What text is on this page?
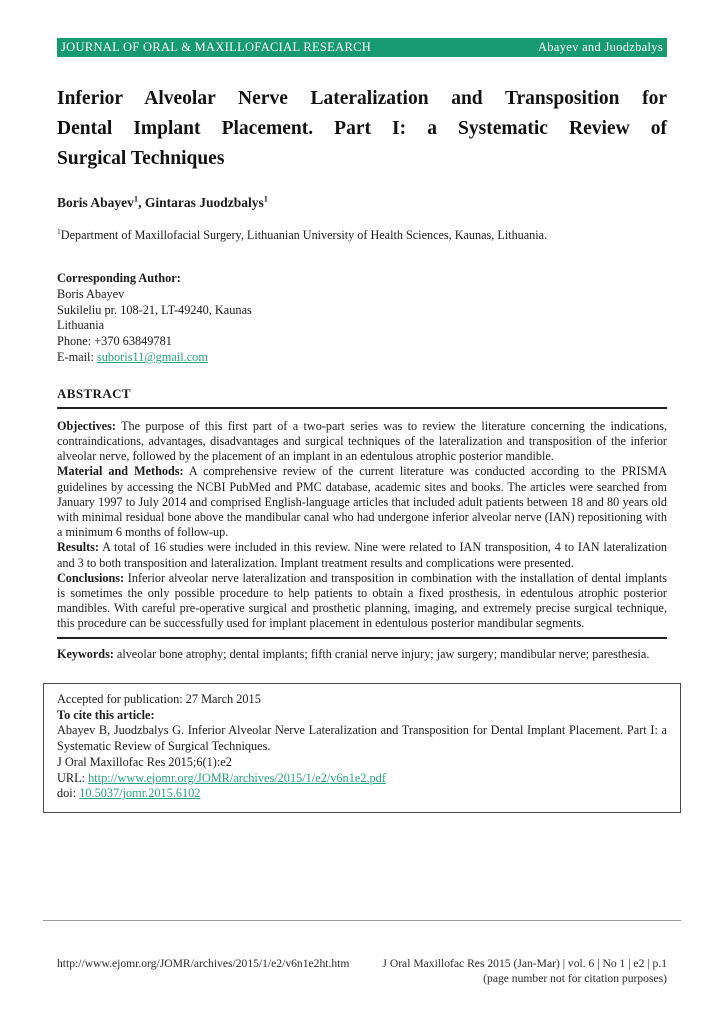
JOURNAL OF ORAL & MAXILLOFACIAL RESEARCH	Abayev and Juodzbalys
Inferior Alveolar Nerve Lateralization and Transposition for
Dental Implant Placement. Part I: a Systematic Review of
Surgical Techniques
Boris Abayev$^1$, Gintaras Juodzbalys$^1$
$^1$Department of Maxillofacial Surgery, Lithuanian University of Health Sciences, Kaunas, Lithuania.
Corresponding Author:
Boris Abayev
Sukileliu pr. 108-21, LT-49240, Kaunas
Lithuania
Phone: +370 63849781
E-mail: suboris11@gmail.com
ABSTRACT

Objectives: The purpose of this first part of a two-part series was to review the literature concerning the indications, contraindications, advantages, disadvantages and surgical techniques of the lateralization and transposition of the inferior alveolar nerve, followed by the placement of an implant in an edentulous atrophic posterior mandible.

Material and Methods: A comprehensive review of the current literature was conducted according to the PRISMA guidelines by accessing the NCBI PubMed and PMC database, academic sites and books. The articles were searched from January 1997 to July 2014 and comprised English-language articles that included adult patients between 18 and 80 years old with minimal residual bone above the mandibular canal who had undergone inferior alveolar nerve (IAN) repositioning with a minimum 6 months of follow-up.

Results: A total of 16 studies were included in this review. Nine were related to IAN transposition, 4 to IAN lateralization and 3 to both transposition and lateralization. Implant treatment results and complications were presented.

Conclusions: Inferior alveolar nerve lateralization and transposition in combination with the installation of dental implants is sometimes the only possible procedure to help patients to obtain a fixed prosthesis, in edentulous atrophic posterior mandibles. With careful pre-operative surgical and prosthetic planning, imaging, and extremely precise surgical technique, this procedure can be successfully used for implant placement in edentulous posterior mandibular segments.

Keywords: alveolar bone atrophy; dental implants; fifth cranial nerve injury; jaw surgery; mandibular nerve; paresthesia.
Accepted for publication: 27 March 2015
To cite this article:
Abayev B, Juodzbalys G. Inferior Alveolar Nerve Lateralization and Transposition for Dental Implant Placement. Part I: a Systematic Review of Surgical Techniques.
J Oral Maxillofac Res 2015;6(1):e2
URL: http://www.ejomr.org/JOMR/archives/2015/1/e2/v6n1e2.pdf
doi: 10.5037/jomr.2015.6102
http://www.ejomr.org/JOMR/archives/2015/1/e2/v6n1e2ht.htm	J Oral Maxillofac Res 2015 (Jan-Mar) | vol. 6 | No 1 | e2 | p.1
(page number not for citation purposes)
